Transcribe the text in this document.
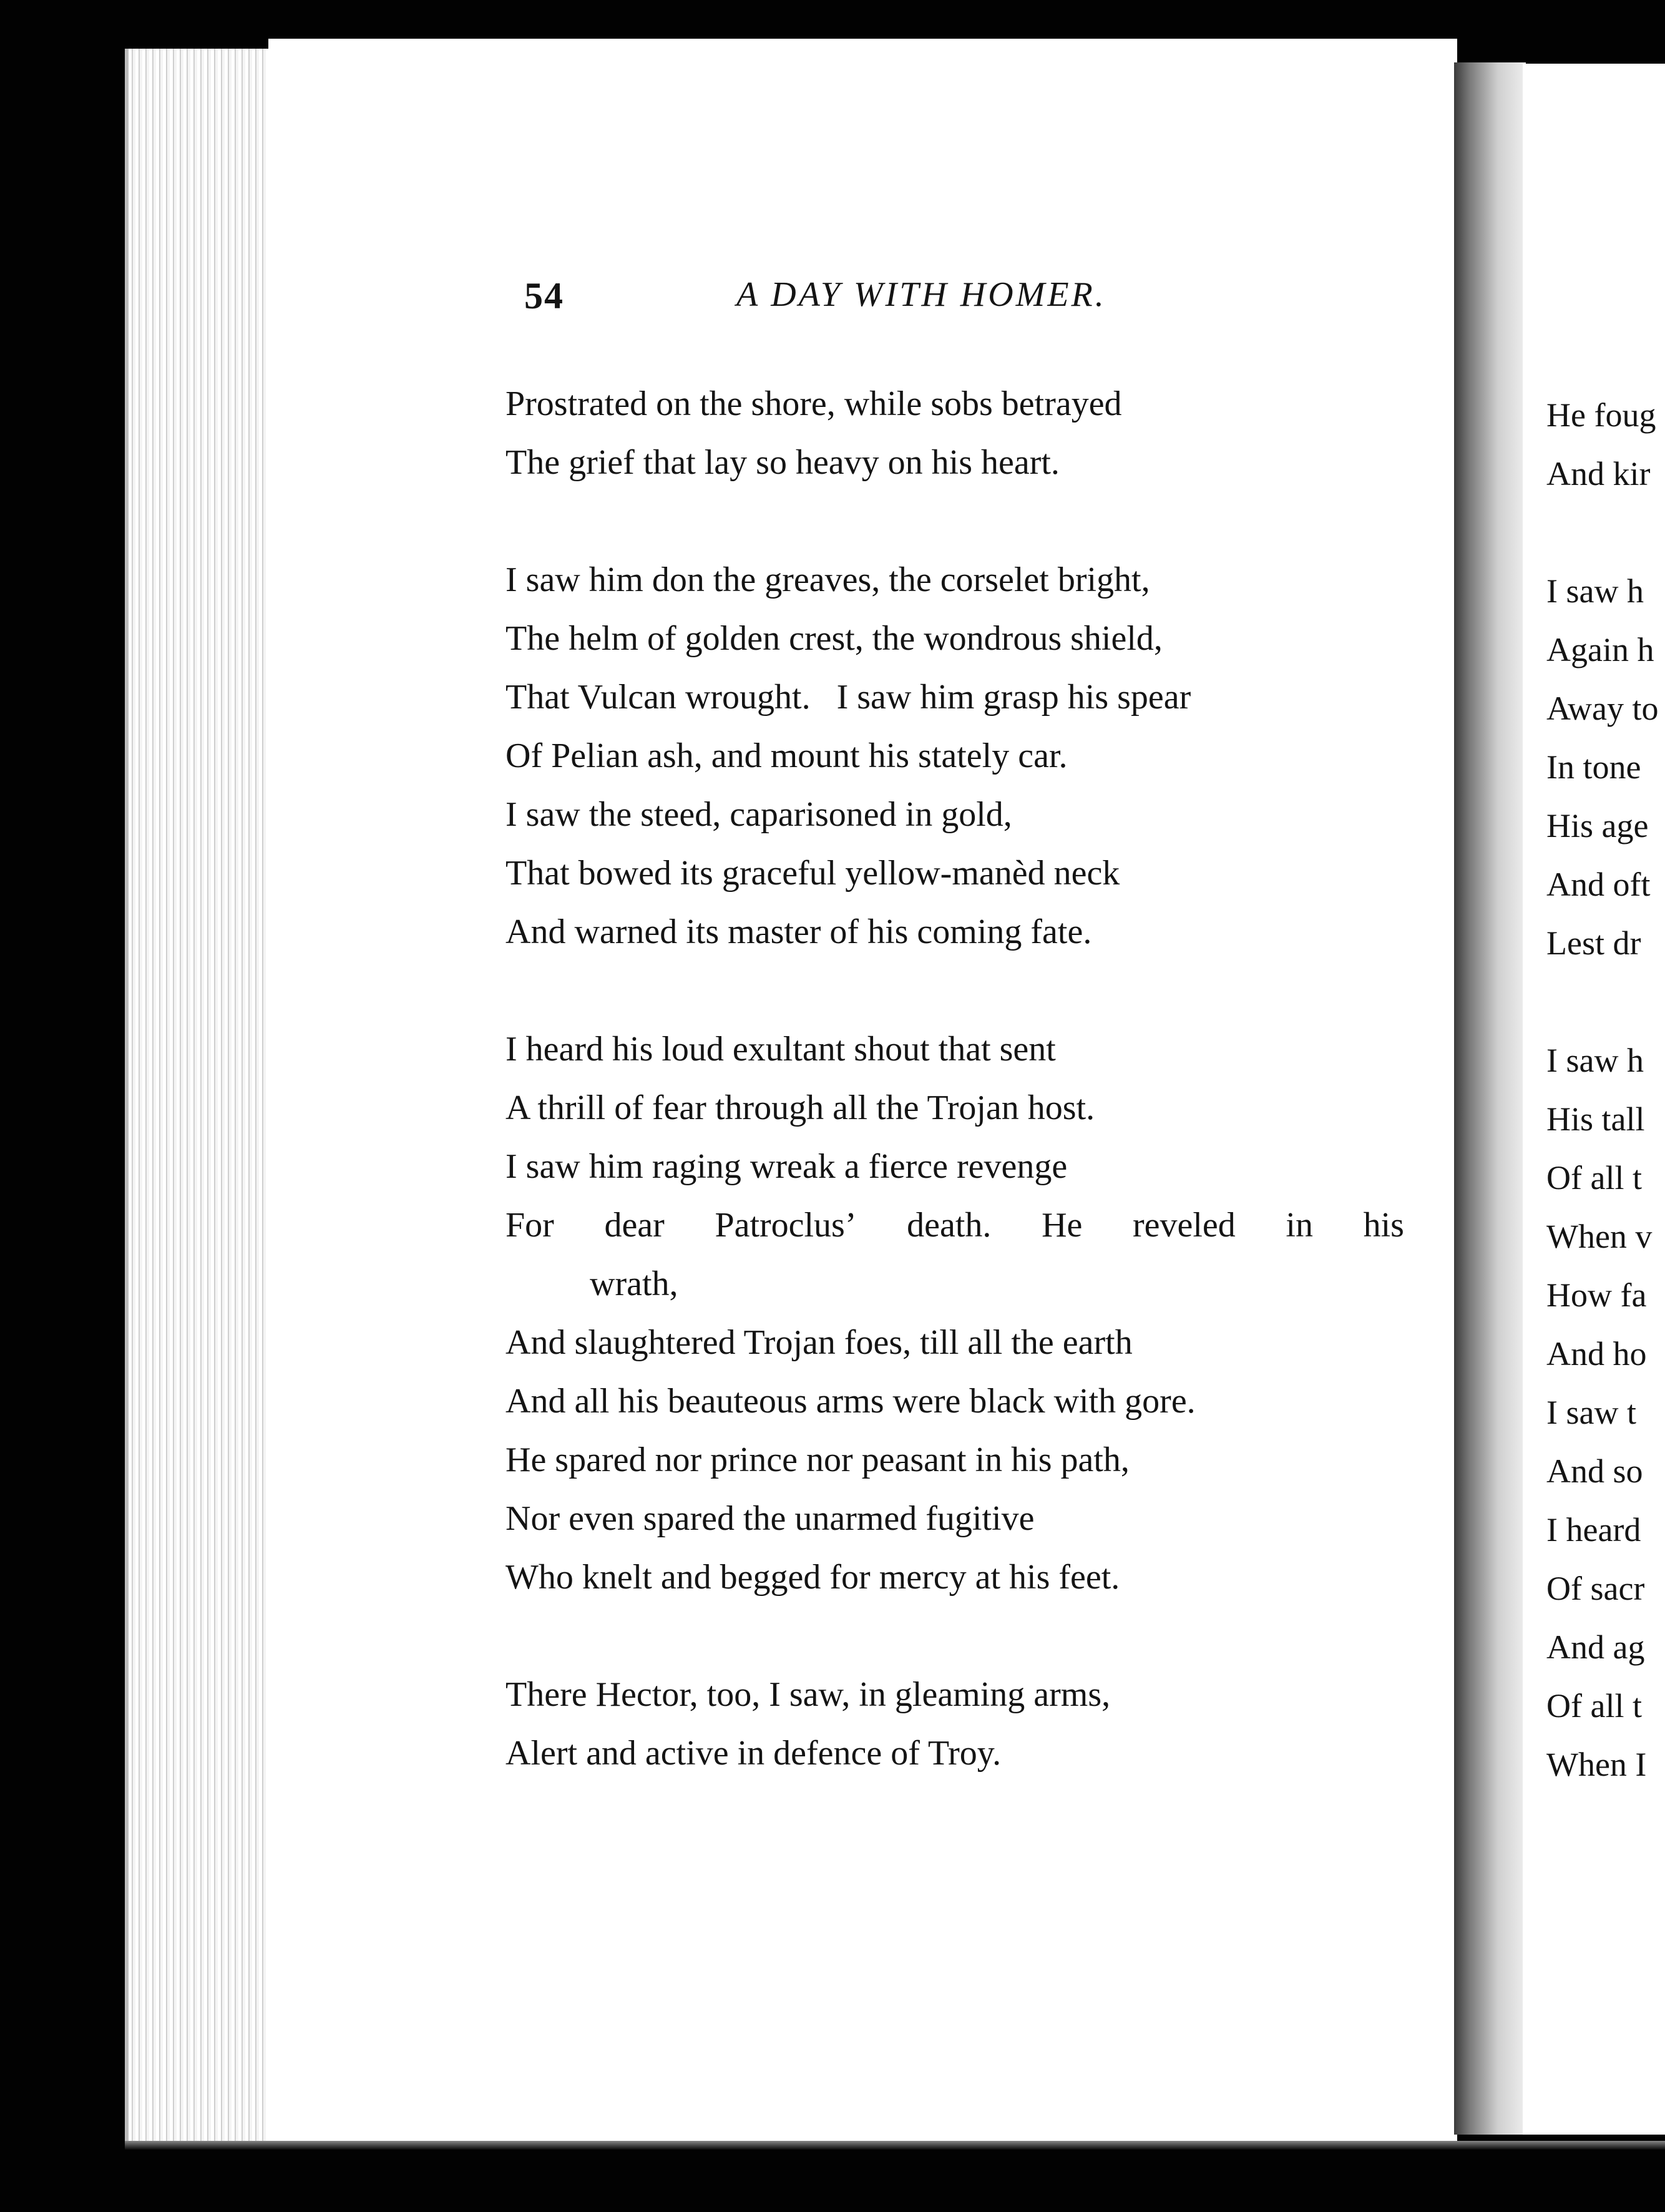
54	A DAY WITH HOMER.
Prostrated on the shore, while sobs betrayed
The grief that lay so heavy on his heart.
I saw him don the greaves, the corselet bright,
The helm of golden crest, the wondrous shield,
That Vulcan wrought.   I saw him grasp his spear
Of Pelian ash, and mount his stately car.
I saw the steed, caparisoned in gold,
That bowed its graceful yellow-manèd neck
And warned its master of his coming fate.
I heard his loud exultant shout that sent
A thrill of fear through all the Trojan host.
I saw him raging wreak a fierce revenge
For dear Patroclus’ death. He reveled in his
wrath,
And slaughtered Trojan foes, till all the earth
And all his beauteous arms were black with gore.
He spared nor prince nor peasant in his path,
Nor even spared the unarmed fugitive
Who knelt and begged for mercy at his feet.
There Hector, too, I saw, in gleaming arms,
Alert and active in defence of Troy.
He foug
And kir
I saw h
Again h
Away to
In tone
His age
And oft
Lest dr
I saw h
His tall
Of all t
When v
How fa
And ho
I saw t
And so
I heard
Of sacr
And ag
Of all t
When I
